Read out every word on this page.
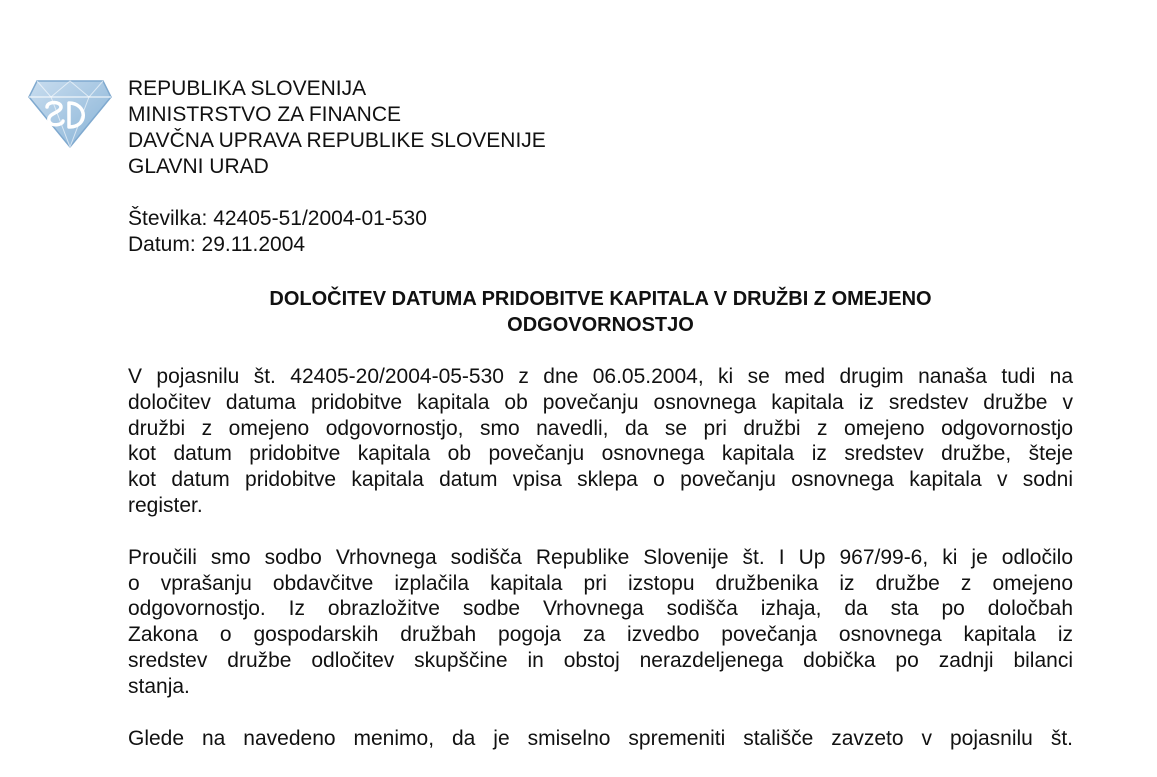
REPUBLIKA SLOVENIJA
MINISTRSTVO ZA FINANCE
DAVČNA UPRAVA REPUBLIKE SLOVENIJE
GLAVNI URAD
Številka: 42405-51/2004-01-530
Datum: 29.11.2004
DOLOČITEV DATUMA PRIDOBITVE KAPITALA V DRUŽBI Z OMEJENO
ODGOVORNOSTJO
V pojasnilu št. 42405-20/2004-05-530 z dne 06.05.2004, ki se med drugim nanaša tudi na
določitev datuma pridobitve kapitala ob povečanju osnovnega kapitala iz sredstev družbe v
družbi z omejeno odgovornostjo, smo navedli, da se pri družbi z omejeno odgovornostjo
kot datum pridobitve kapitala ob povečanju osnovnega kapitala iz sredstev družbe, šteje
kot datum pridobitve kapitala datum vpisa sklepa o povečanju osnovnega kapitala v sodni
register.
Proučili smo sodbo Vrhovnega sodišča Republike Slovenije št. I Up 967/99-6, ki je odločilo
o vprašanju obdavčitve izplačila kapitala pri izstopu družbenika iz družbe z omejeno
odgovornostjo. Iz obrazložitve sodbe Vrhovnega sodišča izhaja, da sta po določbah
Zakona o gospodarskih družbah pogoja za izvedbo povečanja osnovnega kapitala iz
sredstev družbe odločitev skupščine in obstoj nerazdeljenega dobička po zadnji bilanci
stanja.
Glede na navedeno menimo, da je smiselno spremeniti stališče zavzeto v pojasnilu št.
